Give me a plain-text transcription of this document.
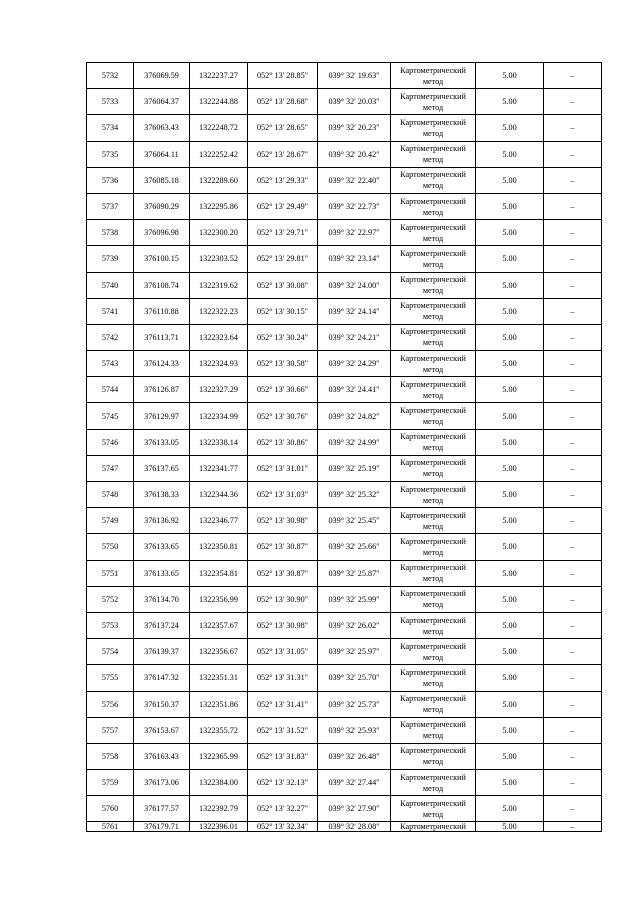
5732	376069.59	1322237.27	052° 13' 28.85"	039° 32' 19.63"	Картометрический метод	5.00	–
5733	376064.37	1322244.88	052° 13' 28.68"	039° 32' 20.03"	Картометрический метод	5.00	–
5734	376063.43	1322248.72	052° 13' 28.65"	039° 32' 20.23"	Картометрический метод	5.00	–
5735	376064.11	1322252.42	052° 13' 28.67"	039° 32' 20.42"	Картометрический метод	5.00	–
5736	376085.18	1322289.60	052° 13' 29.33"	039° 32' 22.40"	Картометрический метод	5.00	–
5737	376090.29	1322295.86	052° 13' 29.49"	039° 32' 22.73"	Картометрический метод	5.00	–
5738	376096.98	1322300.20	052° 13' 29.71"	039° 32' 22.97"	Картометрический метод	5.00	–
5739	376100.15	1322303.52	052° 13' 29.81"	039° 32' 23.14"	Картометрический метод	5.00	–
5740	376108.74	1322319.62	052° 13' 30.08"	039° 32' 24.00"	Картометрический метод	5.00	–
5741	376110.88	1322322.23	052° 13' 30.15"	039° 32' 24.14"	Картометрический метод	5.00	–
5742	376113.71	1322323.64	052° 13' 30.24"	039° 32' 24.21"	Картометрический метод	5.00	–
5743	376124.33	1322324.93	052° 13' 30.58"	039° 32' 24.29"	Картометрический метод	5.00	–
5744	376126.87	1322327.29	052° 13' 30.66"	039° 32' 24.41"	Картометрический метод	5.00	–
5745	376129.97	1322334.99	052° 13' 30.76"	039° 32' 24.82"	Картометрический метод	5.00	–
5746	376133.05	1322338.14	052° 13' 30.86"	039° 32' 24.99"	Картометрический метод	5.00	–
5747	376137.65	1322341.77	052° 13' 31.01"	039° 32' 25.19"	Картометрический метод	5.00	–
5748	376138.33	1322344.36	052° 13' 31.03"	039° 32' 25.32"	Картометрический метод	5.00	–
5749	376136.92	1322346.77	052° 13' 30.98"	039° 32' 25.45"	Картометрический метод	5.00	–
5750	376133.65	1322350.81	052° 13' 30.87"	039° 32' 25.66"	Картометрический метод	5.00	–
5751	376133.65	1322354.81	052° 13' 30.87"	039° 32' 25.87"	Картометрический метод	5.00	–
5752	376134.70	1322356.99	052° 13' 30.90"	039° 32' 25.99"	Картометрический метод	5.00	–
5753	376137.24	1322357.67	052° 13' 30.98"	039° 32' 26.02"	Картометрический метод	5.00	–
5754	376139.37	1322356.67	052° 13' 31.05"	039° 32' 25.97"	Картометрический метод	5.00	–
5755	376147.32	1322351.31	052° 13' 31.31"	039° 32' 25.70"	Картометрический метод	5.00	–
5756	376150.37	1322351.86	052° 13' 31.41"	039° 32' 25.73"	Картометрический метод	5.00	–
5757	376153.67	1322355.72	052° 13' 31.52"	039° 32' 25.93"	Картометрический метод	5.00	–
5758	376163.43	1322365.99	052° 13' 31.83"	039° 32' 26.48"	Картометрический метод	5.00	–
5759	376173.06	1322384.00	052° 13' 32.13"	039° 32' 27.44"	Картометрический метод	5.00	–
5760	376177.57	1322392.79	052° 13' 32.27"	039° 32' 27.90"	Картометрический метод	5.00	–
5761	376179.71	1322396.01	052° 13' 32.34"	039° 32' 28.08"	Картометрический	5.00	–
